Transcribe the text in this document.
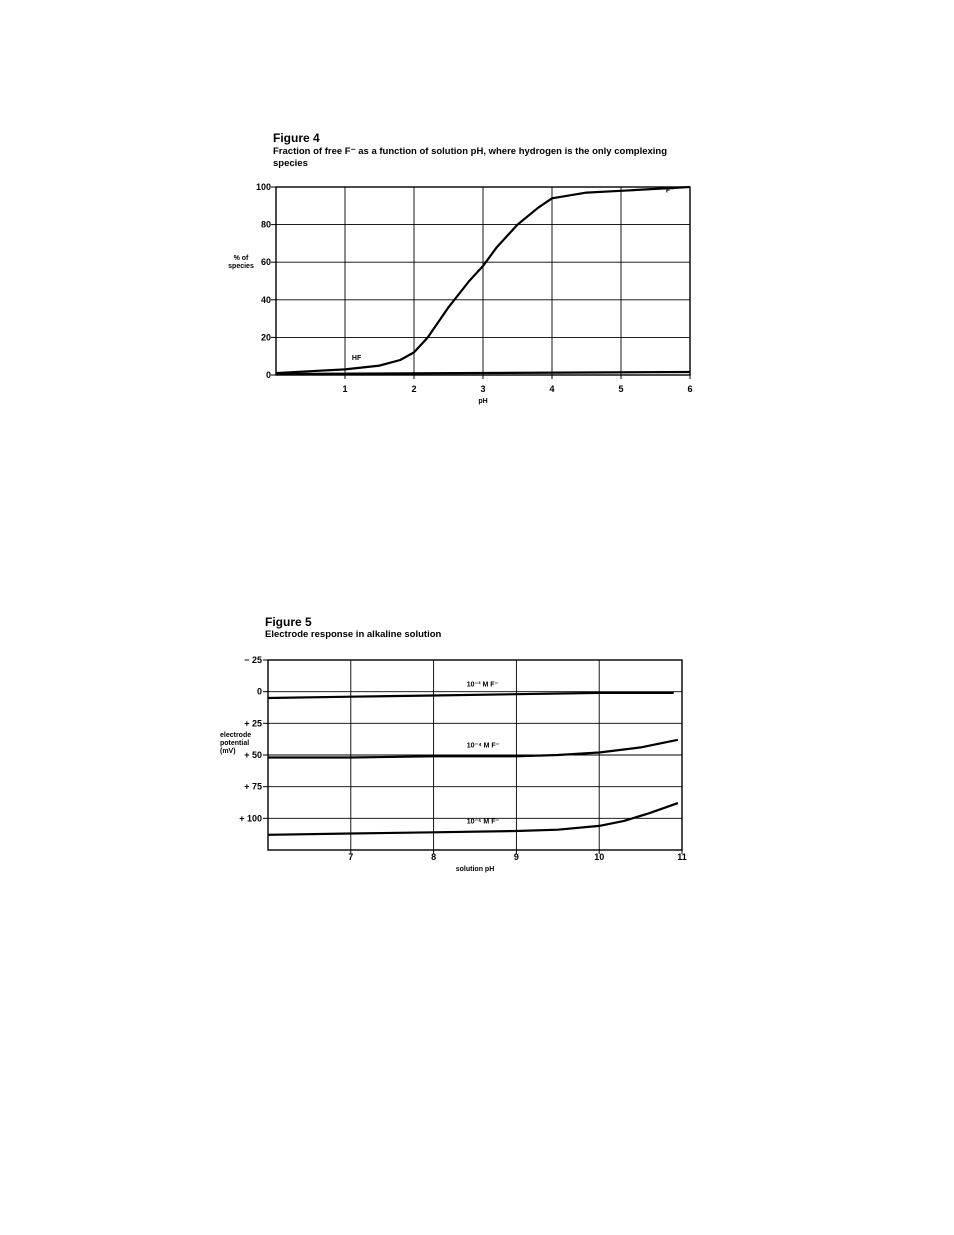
Figure 4
Fraction of free F⁻ as a function of solution pH, where hydrogen is the only complexing species
Figure 5
Electrode response in alkaline solution
1	2	3	4	5	6
0
20
40
60
80
100
pH
% of
species
HF
F⁻
7	8	9	10	11
− 25
0
+ 25
+ 50
+ 75
+ 100
solution pH
electrode
potential
(mV)
10⁻³ M F⁻
10⁻⁴ M F⁻
10⁻⁵ M F⁻
